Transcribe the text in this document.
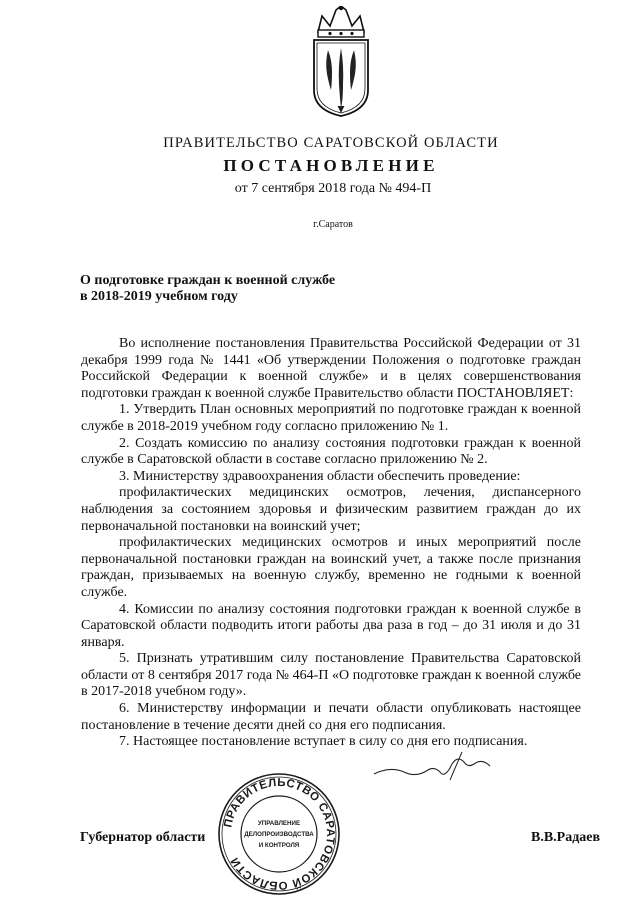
ПРАВИТЕЛЬСТВО САРАТОВСКОЙ ОБЛАСТИ
ПОСТАНОВЛЕНИЕ
от 7 сентября 2018 года № 494-П
г.Саратов
О подготовке граждан к военной службе
в 2018-2019 учебном году

Во исполнение постановления Правительства Российской Федерации от 31 декабря 1999 года № 1441 «Об утверждении Положения о подготовке граждан Российской Федерации к военной службе» и в целях совершенствования подготовки граждан к военной службе Правительство области ПОСТАНОВЛЯЕТ:

1. Утвердить План основных мероприятий по подготовке граждан к военной службе в 2018-2019 учебном году согласно приложению № 1.

2. Создать комиссию по анализу состояния подготовки граждан к военной службе в Саратовской области в составе согласно приложению № 2.

3. Министерству здравоохранения области обеспечить проведение:

профилактических медицинских осмотров, лечения, диспансерного наблюдения за состоянием здоровья и физическим развитием граждан до их первоначальной постановки на воинский учет;

профилактических медицинских осмотров и иных мероприятий после первоначальной постановки граждан на воинский учет, а также после признания граждан, призываемых на военную службу, временно не годными к военной службе.

4. Комиссии по анализу состояния подготовки граждан к военной службе в Саратовской области подводить итоги работы два раза в год – до 31 июля и до 31 января.

5. Признать утратившим силу постановление Правительства Саратовской области от 8 сентября 2017 года № 464-П «О подготовке граждан к военной службе в 2017-2018 учебном году».

6. Министерству информации и печати области опубликовать настоящее постановление в течение десяти дней со дня его подписания.

7. Настоящее постановление вступает в силу со дня его подписания.

Губернатор области	В.В.Радаев
ПРАВИТЕЛЬСТВО САРАТОВСКОЙ ОБЛАСТИ
УПРАВЛЕНИЕ
ДЕЛОПРОИЗВОДСТВА
И КОНТРОЛЯ
